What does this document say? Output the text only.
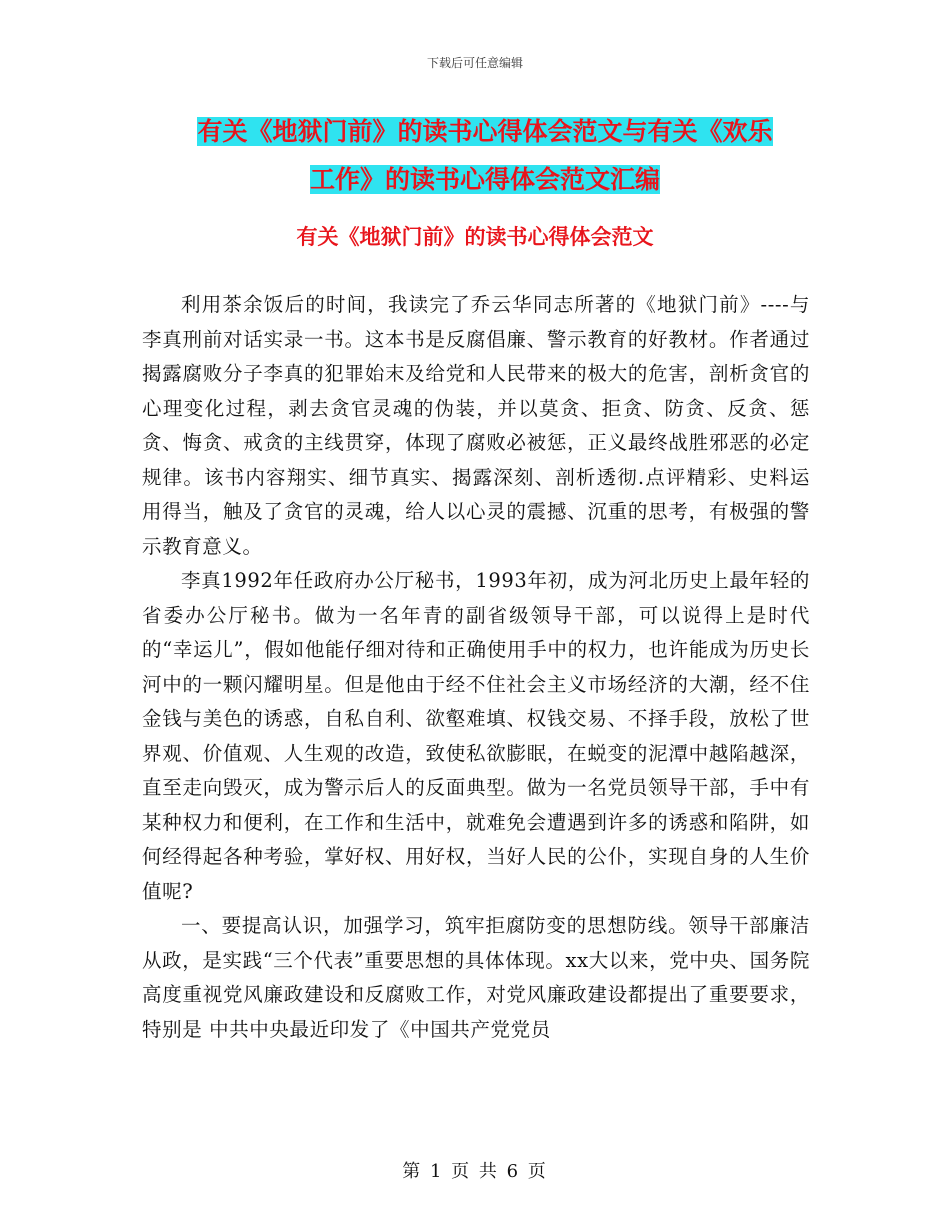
下载后可任意编辑
有关《地狱门前》的读书心得体会范文与有关《欢乐
工作》的读书心得体会范文汇编
有关《地狱门前》的读书心得体会范文

利用茶余饭后的时间，我读完了乔云华同志所著的《地狱门前》----与李真刑前对话实录一书。这本书是反腐倡廉、警示教育的好教材。作者通过揭露腐败分子李真的犯罪始末及给党和人民带来的极大的危害，剖析贪官的心理变化过程，剥去贪官灵魂的伪装，并以莫贪、拒贪、防贪、反贪、惩贪、悔贪、戒贪的主线贯穿，体现了腐败必被惩，正义最终战胜邪恶的必定规律。该书内容翔实、细节真实、揭露深刻、剖析透彻.点评精彩、史料运用得当，触及了贪官的灵魂，给人以心灵的震撼、沉重的思考，有极强的警示教育意义。

李真1992年任政府办公厅秘书，1993年初，成为河北历史上最年轻的省委办公厅秘书。做为一名年青的副省级领导干部，可以说得上是时代的“幸运儿”，假如他能仔细对待和正确使用手中的权力，也许能成为历史长河中的一颗闪耀明星。但是他由于经不住社会主义市场经济的大潮，经不住金钱与美色的诱惑，自私自利、欲壑难填、权钱交易、不择手段，放松了世界观、价值观、人生观的改造，致使私欲膨眠，在蜕变的泥潭中越陷越深，直至走向毁灭，成为警示后人的反面典型。做为一名党员领导干部，手中有某种权力和便利，在工作和生活中，就难免会遭遇到许多的诱惑和陷阱，如何经得起各种考验，掌好权、用好权，当好人民的公仆，实现自身的人生价值呢?

一、要提高认识，加强学习，筑牢拒腐防变的思想防线。领导干部廉洁从政，是实践“三个代表”重要思想的具体体现。xx大以来，党中央、国务院高度重视党风廉政建设和反腐败工作，对党风廉政建设都提出了重要要求，特别是 中共中央最近印发了《中国共产党党员

第 1 页 共 6 页
